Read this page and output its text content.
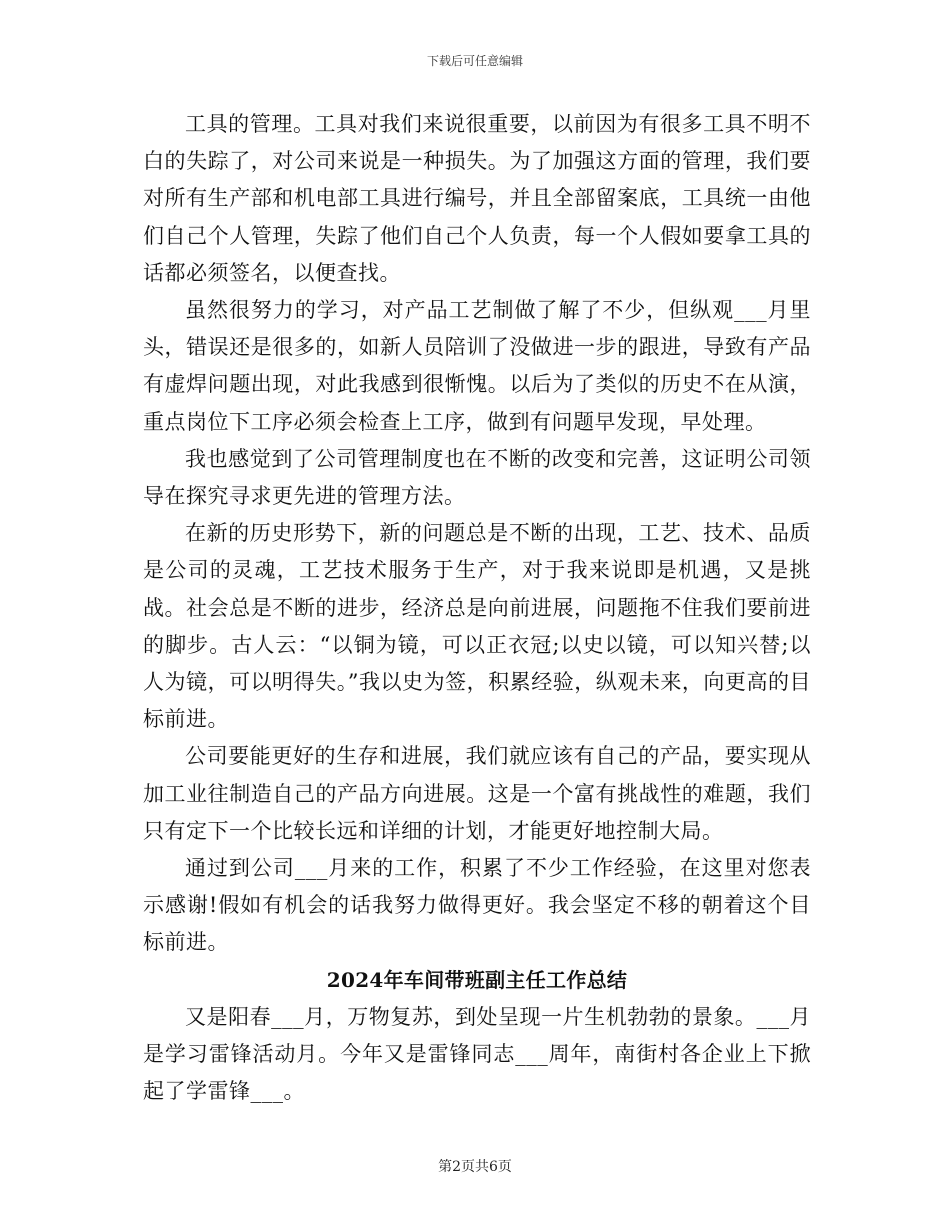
下载后可任意编辑

工具的管理。工具对我们来说很重要，以前因为有很多工具不明不白的失踪了，对公司来说是一种损失。为了加强这方面的管理，我们要对所有生产部和机电部工具进行编号，并且全部留案底，工具统一由他们自己个人管理，失踪了他们自己个人负责，每一个人假如要拿工具的话都必须签名，以便查找。

虽然很努力的学习，对产品工艺制做了解了不少，但纵观___月里头，错误还是很多的，如新人员陪训了没做进一步的跟进，导致有产品有虚焊问题出现，对此我感到很惭愧。以后为了类似的历史不在从演，重点岗位下工序必须会检查上工序，做到有问题早发现，早处理。

我也感觉到了公司管理制度也在不断的改变和完善，这证明公司领导在探究寻求更先进的管理方法。

在新的历史形势下，新的问题总是不断的出现，工艺、技术、品质是公司的灵魂，工艺技术服务于生产，对于我来说即是机遇，又是挑战。社会总是不断的进步，经济总是向前进展，问题拖不住我们要前进的脚步。古人云：“以铜为镜，可以正衣冠;以史以镜，可以知兴替;以人为镜，可以明得失。”我以史为签，积累经验，纵观未来，向更高的目标前进。

公司要能更好的生存和进展，我们就应该有自己的产品，要实现从加工业往制造自己的产品方向进展。这是一个富有挑战性的难题，我们只有定下一个比较长远和详细的计划，才能更好地控制大局。

通过到公司___月来的工作，积累了不少工作经验，在这里对您表示感谢!假如有机会的话我努力做得更好。我会坚定不移的朝着这个目标前进。

2024年车间带班副主任工作总结

又是阳春___月，万物复苏，到处呈现一片生机勃勃的景象。___月是学习雷锋活动月。今年又是雷锋同志___周年，南街村各企业上下掀起了学雷锋___。

第2页共6页
